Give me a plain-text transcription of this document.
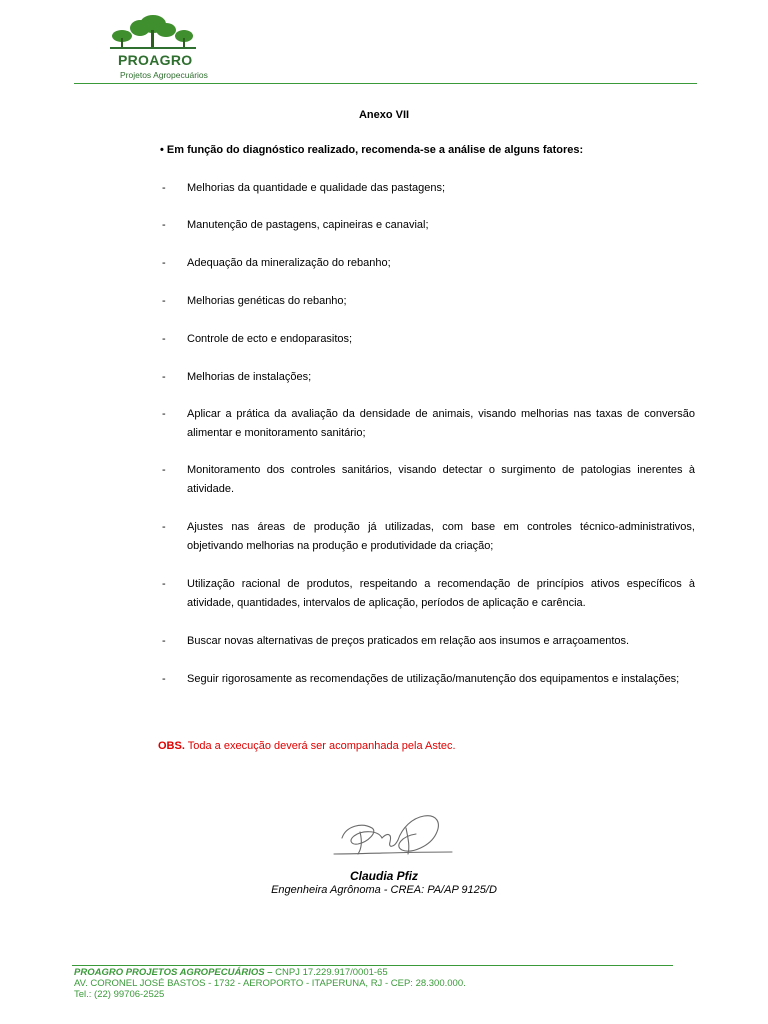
PROAGRO
Projetos Agropecuários
Anexo VII
• Em função do diagnóstico realizado, recomenda-se a análise de alguns fatores:
- Melhorias da quantidade e qualidade das pastagens;
- Manutenção de pastagens, capineiras e canavial;
- Adequação da mineralização do rebanho;
- Melhorias genéticas do rebanho;
- Controle de ecto e endoparasitos;
- Melhorias de instalações;
- Aplicar a prática da avaliação da densidade de animais, visando melhorias nas taxas de conversão alimentar e monitoramento sanitário;
- Monitoramento dos controles sanitários, visando detectar o surgimento de patologias inerentes à atividade.
- Ajustes nas áreas de produção já utilizadas, com base em controles técnico-administrativos, objetivando melhorias na produção e produtividade da criação;
- Utilização racional de produtos, respeitando a recomendação de princípios ativos específicos à atividade, quantidades, intervalos de aplicação, períodos de aplicação e carência.
- Buscar novas alternativas de preços praticados em relação aos insumos e arraçoamentos.
- Seguir rigorosamente as recomendações de utilização/manutenção dos equipamentos e instalações;
OBS. Toda a execução deverá ser acompanhada pela Astec.
Claudia Pfiz
Engenheira Agrônoma - CREA: PA/AP 9125/D
PROAGRO PROJETOS AGROPECUÁRIOS – CNPJ 17.229.917/0001-65
AV. CORONEL JOSÉ BASTOS - 1732 - AEROPORTO - ITAPERUNA, RJ - CEP: 28.300.000.
Tel.: (22) 99706-2525
